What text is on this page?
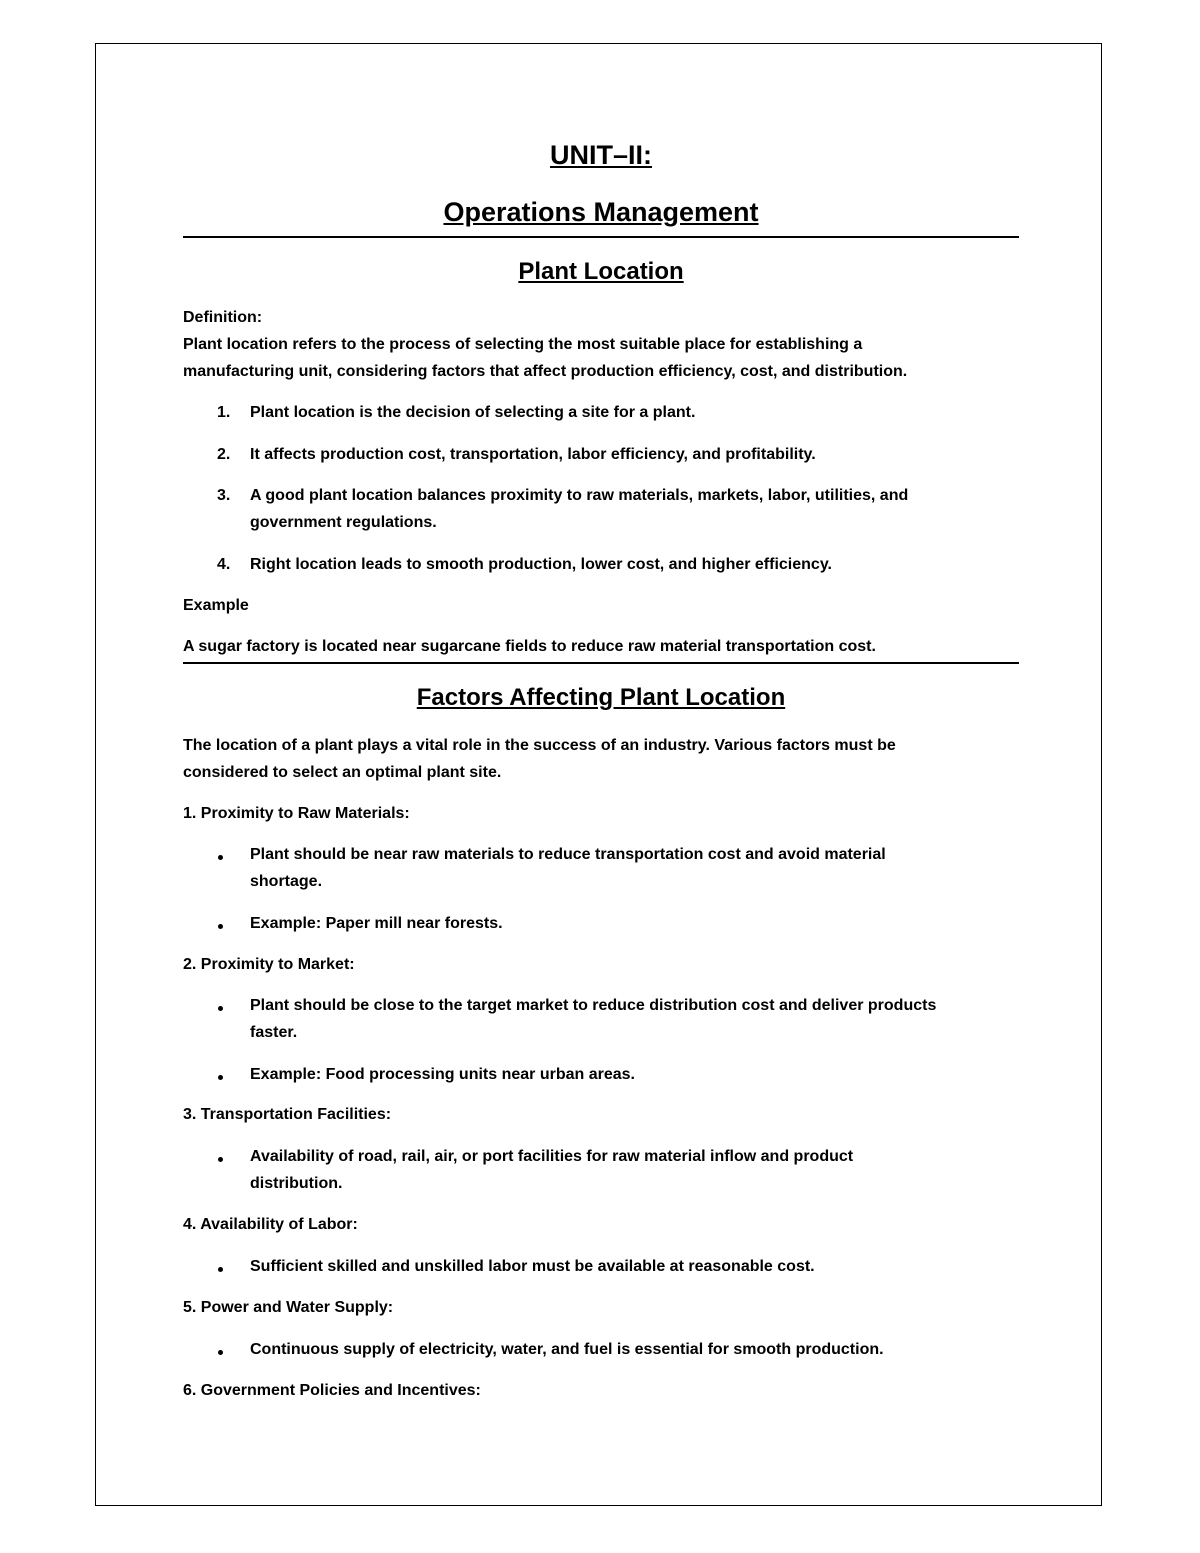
UNIT–II:
Operations Management
Plant Location
Definition:
Plant location refers to the process of selecting the most suitable place for establishing a
manufacturing unit, considering factors that affect production efficiency, cost, and distribution.
1. Plant location is the decision of selecting a site for a plant.
2. It affects production cost, transportation, labor efficiency, and profitability.
3. A good plant location balances proximity to raw materials, markets, labor, utilities, and
government regulations.
4. Right location leads to smooth production, lower cost, and higher efficiency.
Example
A sugar factory is located near sugarcane fields to reduce raw material transportation cost.
Factors Affecting Plant Location
The location of a plant plays a vital role in the success of an industry. Various factors must be
considered to select an optimal plant site.
1. Proximity to Raw Materials:
Plant should be near raw materials to reduce transportation cost and avoid material
shortage.
Example: Paper mill near forests.
2. Proximity to Market:
Plant should be close to the target market to reduce distribution cost and deliver products
faster.
Example: Food processing units near urban areas.
3. Transportation Facilities:
Availability of road, rail, air, or port facilities for raw material inflow and product
distribution.
4. Availability of Labor:
Sufficient skilled and unskilled labor must be available at reasonable cost.
5. Power and Water Supply:
Continuous supply of electricity, water, and fuel is essential for smooth production.
6. Government Policies and Incentives:
